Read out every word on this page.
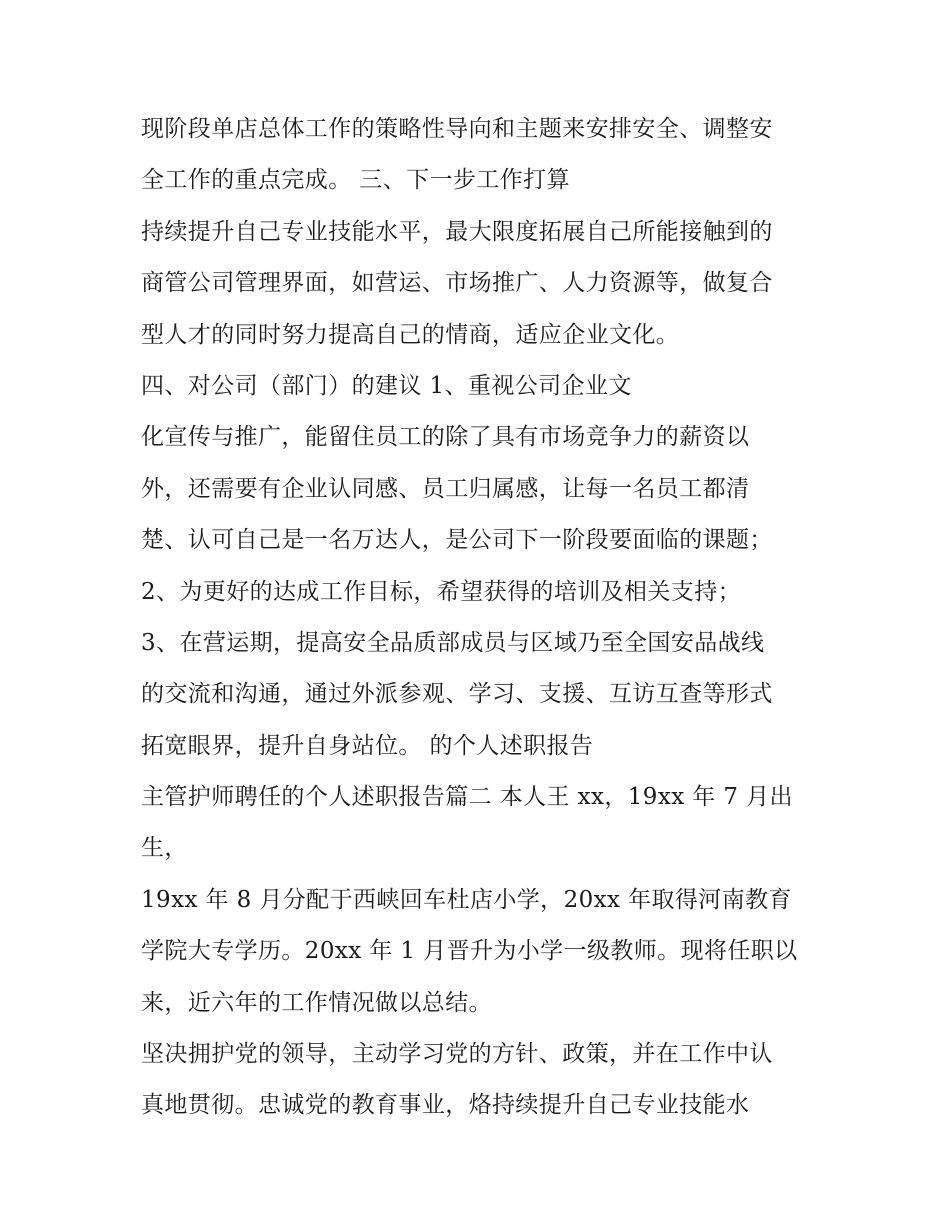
现阶段单店总体工作的策略性导向和主题来安排安全、调整安
全工作的重点完成。 三、下一步工作打算
持续提升自己专业技能水平，最大限度拓展自己所能接触到的
商管公司管理界面，如营运、市场推广、人力资源等，做复合
型人才的同时努力提高自己的情商，适应企业文化。
四、对公司（部门）的建议 1、重视公司企业文
化宣传与推广，能留住员工的除了具有市场竞争力的薪资以
外，还需要有企业认同感、员工归属感，让每一名员工都清
楚、认可自己是一名万达人，是公司下一阶段要面临的课题；
2、为更好的达成工作目标，希望获得的培训及相关支持；
3、在营运期，提高安全品质部成员与区域乃至全国安品战线
的交流和沟通，通过外派参观、学习、支援、互访互查等形式
拓宽眼界，提升自身站位。 的个人述职报告
主管护师聘任的个人述职报告篇二 本人王 xx，19xx 年 7 月出
生，
19xx 年 8 月分配于西峡回车杜店小学，20xx 年取得河南教育
学院大专学历。20xx 年 1 月晋升为小学一级教师。现将任职以
来，近六年的工作情况做以总结。
坚决拥护党的领导，主动学习党的方针、政策，并在工作中认
真地贯彻。忠诚党的教育事业，烙持续提升自己专业技能水
